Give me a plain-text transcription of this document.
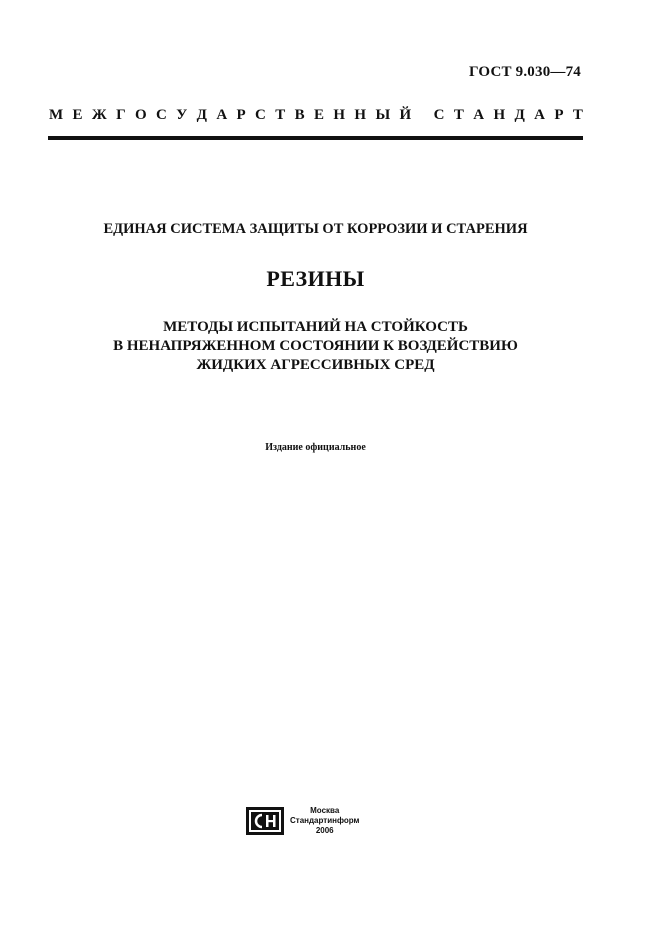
ГОСТ 9.030—74
М Е Ж Г О С У Д А Р С Т В Е Н Н Ы Й
С Т А Н Д А Р Т
ЕДИНАЯ СИСТЕМА ЗАЩИТЫ ОТ КОРРОЗИИ И СТАРЕНИЯ
РЕЗИНЫ
МЕТОДЫ ИСПЫТАНИЙ НА СТОЙКОСТЬ
В НЕНАПРЯЖЕННОМ СОСТОЯНИИ К ВОЗДЕЙСТВИЮ
ЖИДКИХ АГРЕССИВНЫХ СРЕД
Издание официальное
Москва
Стандартинформ
2006
